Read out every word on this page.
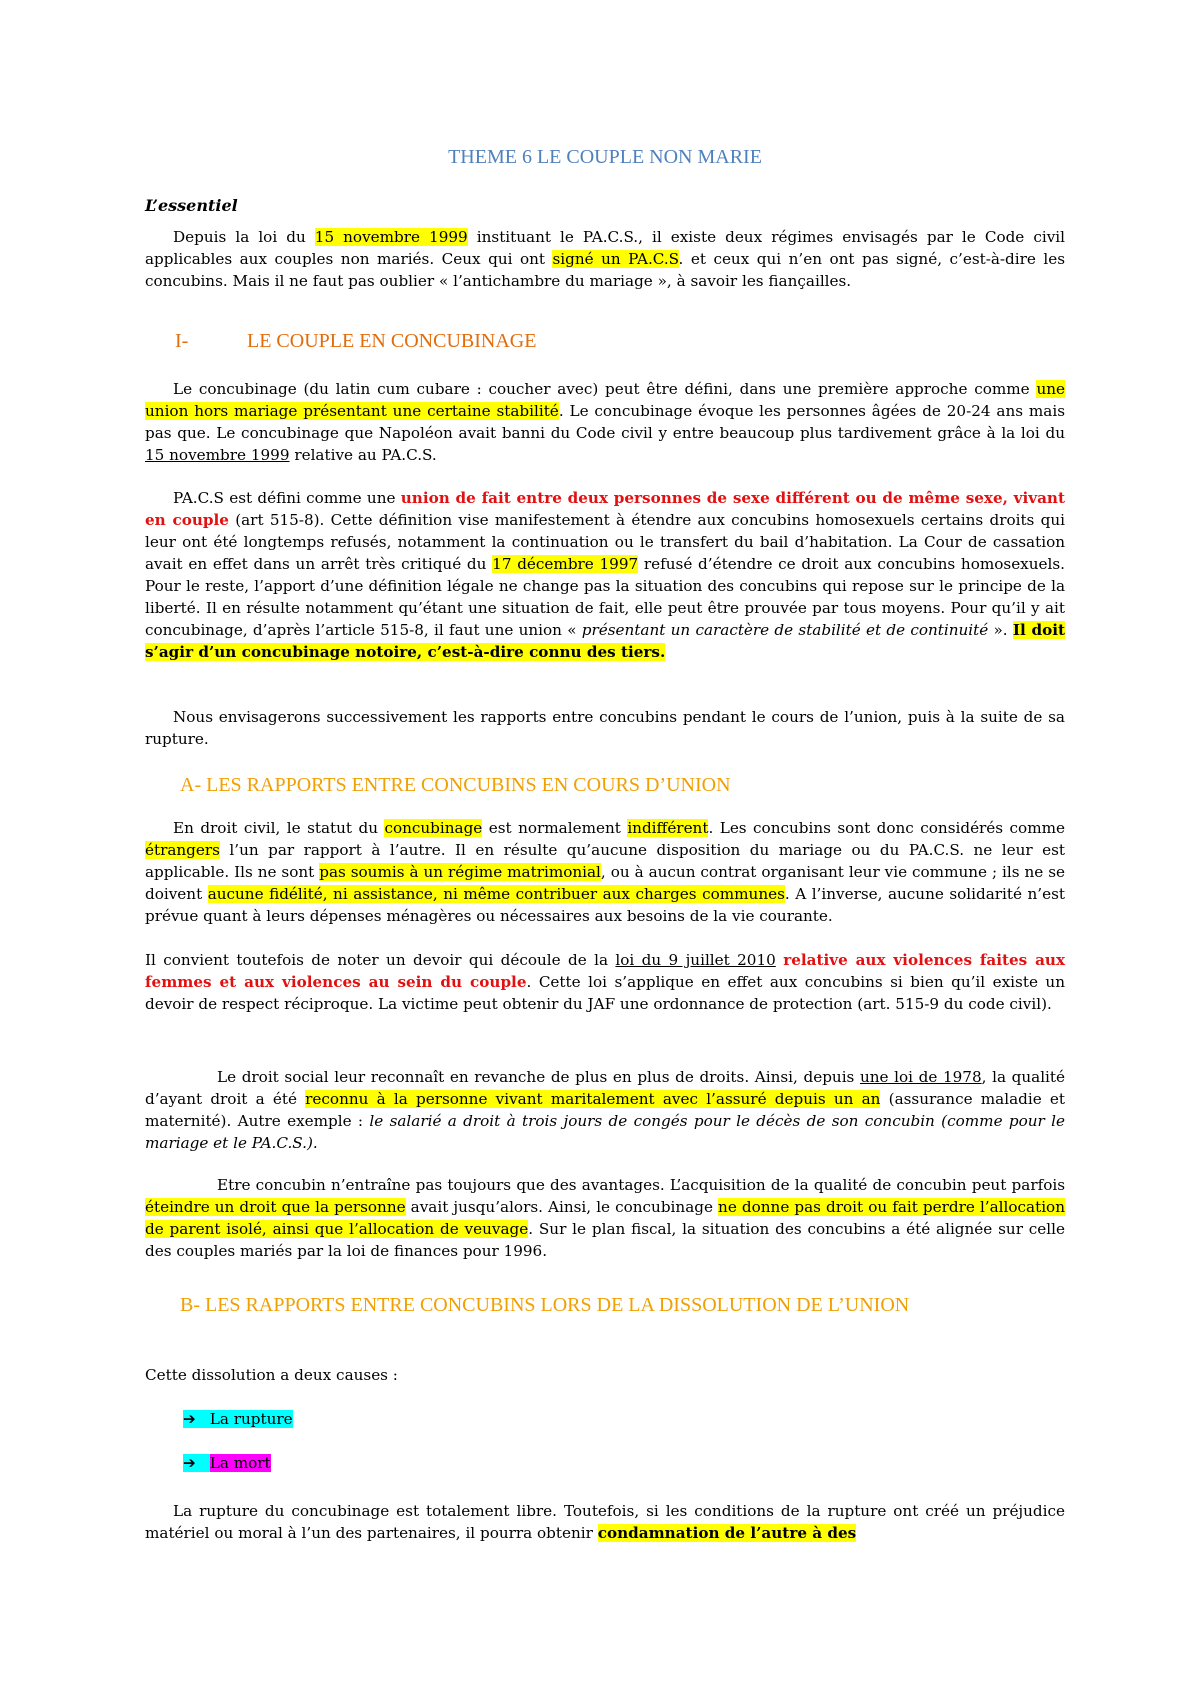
THEME 6 LE COUPLE NON MARIE
L’essentiel
Depuis la loi du 15 novembre 1999 instituant le PA.C.S., il existe deux régimes envisagés par le Code civil applicables aux couples non mariés. Ceux qui ont signé un PA.C.S. et ceux qui n’en ont pas signé, c’est-à-dire les concubins. Mais il ne faut pas oublier « l’antichambre du mariage », à savoir les fiançailles.
I-	LE COUPLE EN CONCUBINAGE
Le concubinage (du latin cum cubare : coucher avec) peut être défini, dans une première approche comme une union hors mariage présentant une certaine stabilité. Le concubinage évoque les personnes âgées de 20-24 ans mais pas que. Le concubinage que Napoléon avait banni du Code civil y entre beaucoup plus tardivement grâce à la loi du 15 novembre 1999 relative au PA.C.S.
PA.C.S est défini comme une union de fait entre deux personnes de sexe différent ou de même sexe, vivant en couple (art 515-8). Cette définition vise manifestement à étendre aux concubins homosexuels certains droits qui leur ont été longtemps refusés, notamment la continuation ou le transfert du bail d’habitation. La Cour de cassation avait en effet dans un arrêt très critiqué du 17 décembre 1997 refusé d’étendre ce droit aux concubins homosexuels. Pour le reste, l’apport d’une définition légale ne change pas la situation des concubins qui repose sur le principe de la liberté. Il en résulte notamment qu’étant une situation de fait, elle peut être prouvée par tous moyens. Pour qu’il y ait concubinage, d’après l’article 515-8, il faut une union « présentant un caractère de stabilité et de continuité ». Il doit s’agir d’un concubinage notoire, c’est-à-dire connu des tiers.
Nous envisagerons successivement les rapports entre concubins pendant le cours de l’union, puis à la suite de sa rupture.
A- LES RAPPORTS ENTRE CONCUBINS EN COURS D’UNION
En droit civil, le statut du concubinage est normalement indifférent. Les concubins sont donc considérés comme étrangers l’un par rapport à l’autre. Il en résulte qu’aucune disposition du mariage ou du PA.C.S. ne leur est applicable. Ils ne sont pas soumis à un régime matrimonial, ou à aucun contrat organisant leur vie commune ; ils ne se doivent aucune fidélité, ni assistance, ni même contribuer aux charges communes. A l’inverse, aucune solidarité n’est prévue quant à leurs dépenses ménagères ou nécessaires aux besoins de la vie courante.
Il convient toutefois de noter un devoir qui découle de la loi du 9 juillet 2010 relative aux violences faites aux femmes et aux violences au sein du couple. Cette loi s’applique en effet aux concubins si bien qu’il existe un devoir de respect réciproque. La victime peut obtenir du JAF une ordonnance de protection (art. 515-9 du code civil).
Le droit social leur reconnaît en revanche de plus en plus de droits. Ainsi, depuis une loi de 1978, la qualité d’ayant droit a été reconnu à la personne vivant maritalement avec l’assuré depuis un an (assurance maladie et maternité). Autre exemple : le salarié a droit à trois jours de congés pour le décès de son concubin (comme pour le mariage et le PA.C.S.).
Etre concubin n’entraîne pas toujours que des avantages. L’acquisition de la qualité de concubin peut parfois éteindre un droit que la personne avait jusqu’alors. Ainsi, le concubinage ne donne pas droit ou fait perdre l’allocation de parent isolé, ainsi que l’allocation de veuvage. Sur le plan fiscal, la situation des concubins a été alignée sur celle des couples mariés par la loi de finances pour 1996.
B- LES RAPPORTS ENTRE CONCUBINS LORS DE LA DISSOLUTION DE L’UNION
Cette dissolution a deux causes :
➔ La rupture
➔ La mort
La rupture du concubinage est totalement libre. Toutefois, si les conditions de la rupture ont créé un préjudice matériel ou moral à l’un des partenaires, il pourra obtenir condamnation de l’autre à des
